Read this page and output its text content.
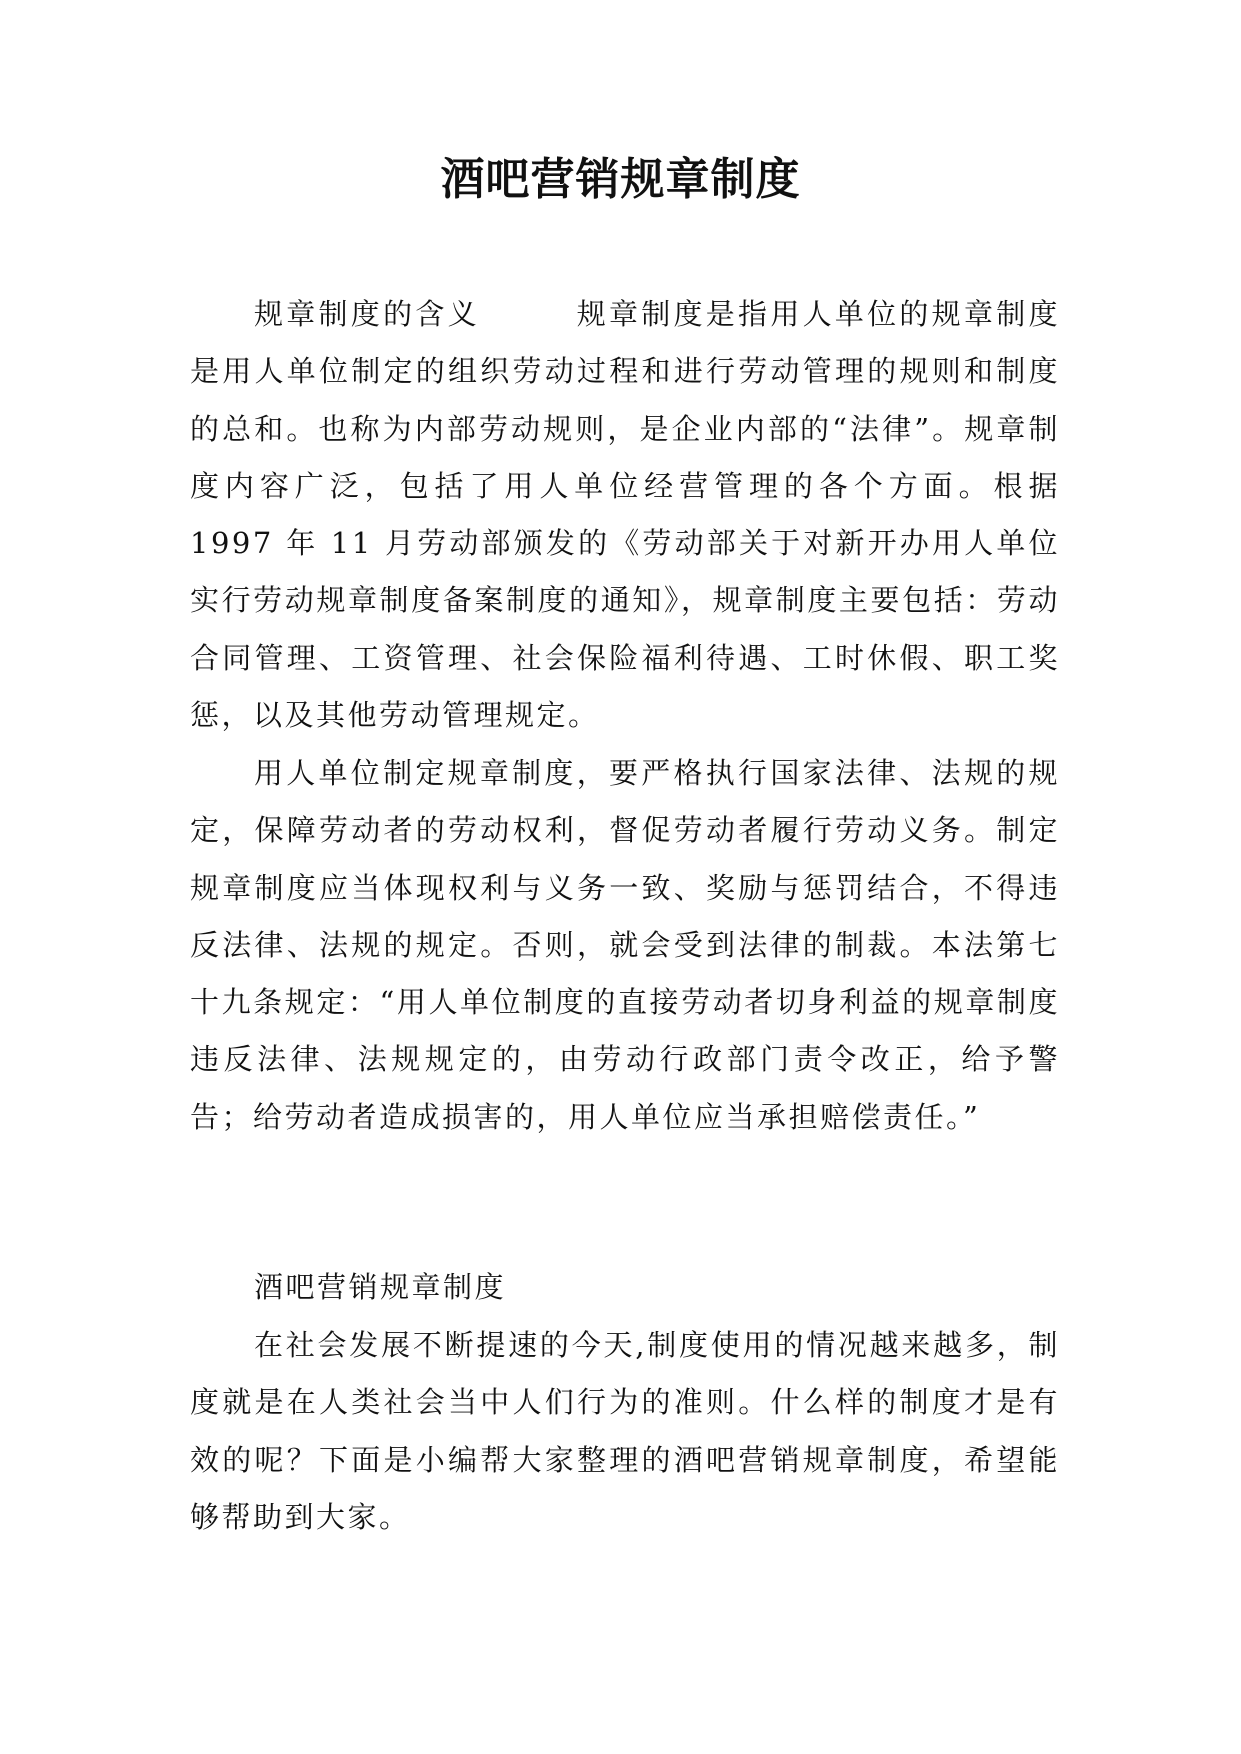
酒吧营销规章制度

规章制度的含义　　　规章制度是指用人单位的规章制度是用人单位制定的组织劳动过程和进行劳动管理的规则和制度的总和。也称为内部劳动规则，是企业内部的“法律”。规章制度内容广泛，包括了用人单位经营管理的各个方面。根据 1997 年 11 月劳动部颁发的《劳动部关于对新开办用人单位实行劳动规章制度备案制度的通知》，规章制度主要包括：劳动合同管理、工资管理、社会保险福利待遇、工时休假、职工奖惩，以及其他劳动管理规定。

用人单位制定规章制度，要严格执行国家法律、法规的规定，保障劳动者的劳动权利，督促劳动者履行劳动义务。制定规章制度应当体现权利与义务一致、奖励与惩罚结合，不得违反法律、法规的规定。否则，就会受到法律的制裁。本法第七十九条规定：“用人单位制度的直接劳动者切身利益的规章制度违反法律、法规规定的，由劳动行政部门责令改正，给予警告；给劳动者造成损害的，用人单位应当承担赔偿责任。”

酒吧营销规章制度

在社会发展不断提速的今天,制度使用的情况越来越多，制度就是在人类社会当中人们行为的准则。什么样的制度才是有效的呢？下面是小编帮大家整理的酒吧营销规章制度，希望能够帮助到大家。
